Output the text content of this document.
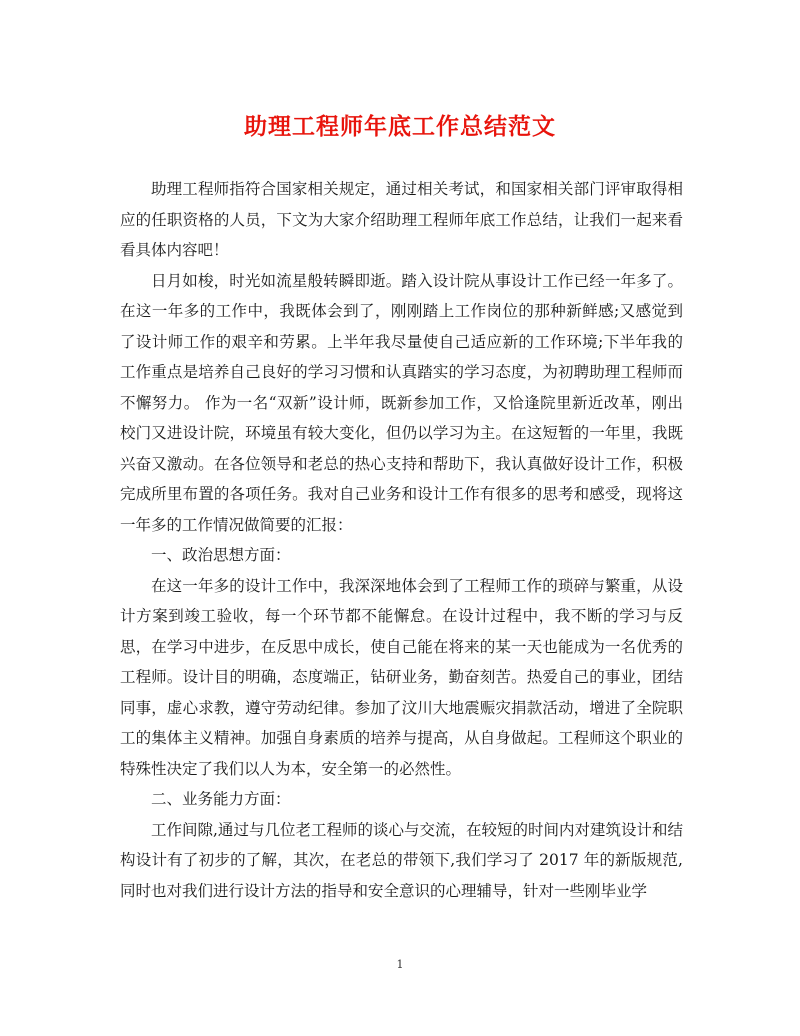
助理工程师年底工作总结范文

助理工程师指符合国家相关规定，通过相关考试，和国家相关部门评审取得相应的任职资格的人员，下文为大家介绍助理工程师年底工作总结，让我们一起来看看具体内容吧！

日月如梭，时光如流星般转瞬即逝。踏入设计院从事设计工作已经一年多了。在这一年多的工作中，我既体会到了，刚刚踏上工作岗位的那种新鲜感;又感觉到了设计师工作的艰辛和劳累。上半年我尽量使自己适应新的工作环境;下半年我的工作重点是培养自己良好的学习习惯和认真踏实的学习态度，为初聘助理工程师而不懈努力。 作为一名“双新”设计师，既新参加工作，又恰逢院里新近改革，刚出校门又进设计院，环境虽有较大变化，但仍以学习为主。在这短暂的一年里，我既兴奋又激动。在各位领导和老总的热心支持和帮助下，我认真做好设计工作，积极完成所里布置的各项任务。我对自己业务和设计工作有很多的思考和感受，现将这一年多的工作情况做简要的汇报：

一、政治思想方面：

在这一年多的设计工作中，我深深地体会到了工程师工作的琐碎与繁重，从设计方案到竣工验收，每一个环节都不能懈怠。在设计过程中，我不断的学习与反思，在学习中进步，在反思中成长，使自己能在将来的某一天也能成为一名优秀的工程师。设计目的明确，态度端正，钻研业务，勤奋刻苦。热爱自己的事业，团结同事，虚心求教，遵守劳动纪律。参加了汶川大地震赈灾捐款活动，增进了全院职工的集体主义精神。加强自身素质的培养与提高，从自身做起。工程师这个职业的特殊性决定了我们以人为本，安全第一的必然性。

二、业务能力方面：

工作间隙,通过与几位老工程师的谈心与交流，在较短的时间内对建筑设计和结构设计有了初步的了解，其次，在老总的带领下,我们学习了 2017 年的新版规范,同时也对我们进行设计方法的指导和安全意识的心理辅导，针对一些刚毕业学

1
